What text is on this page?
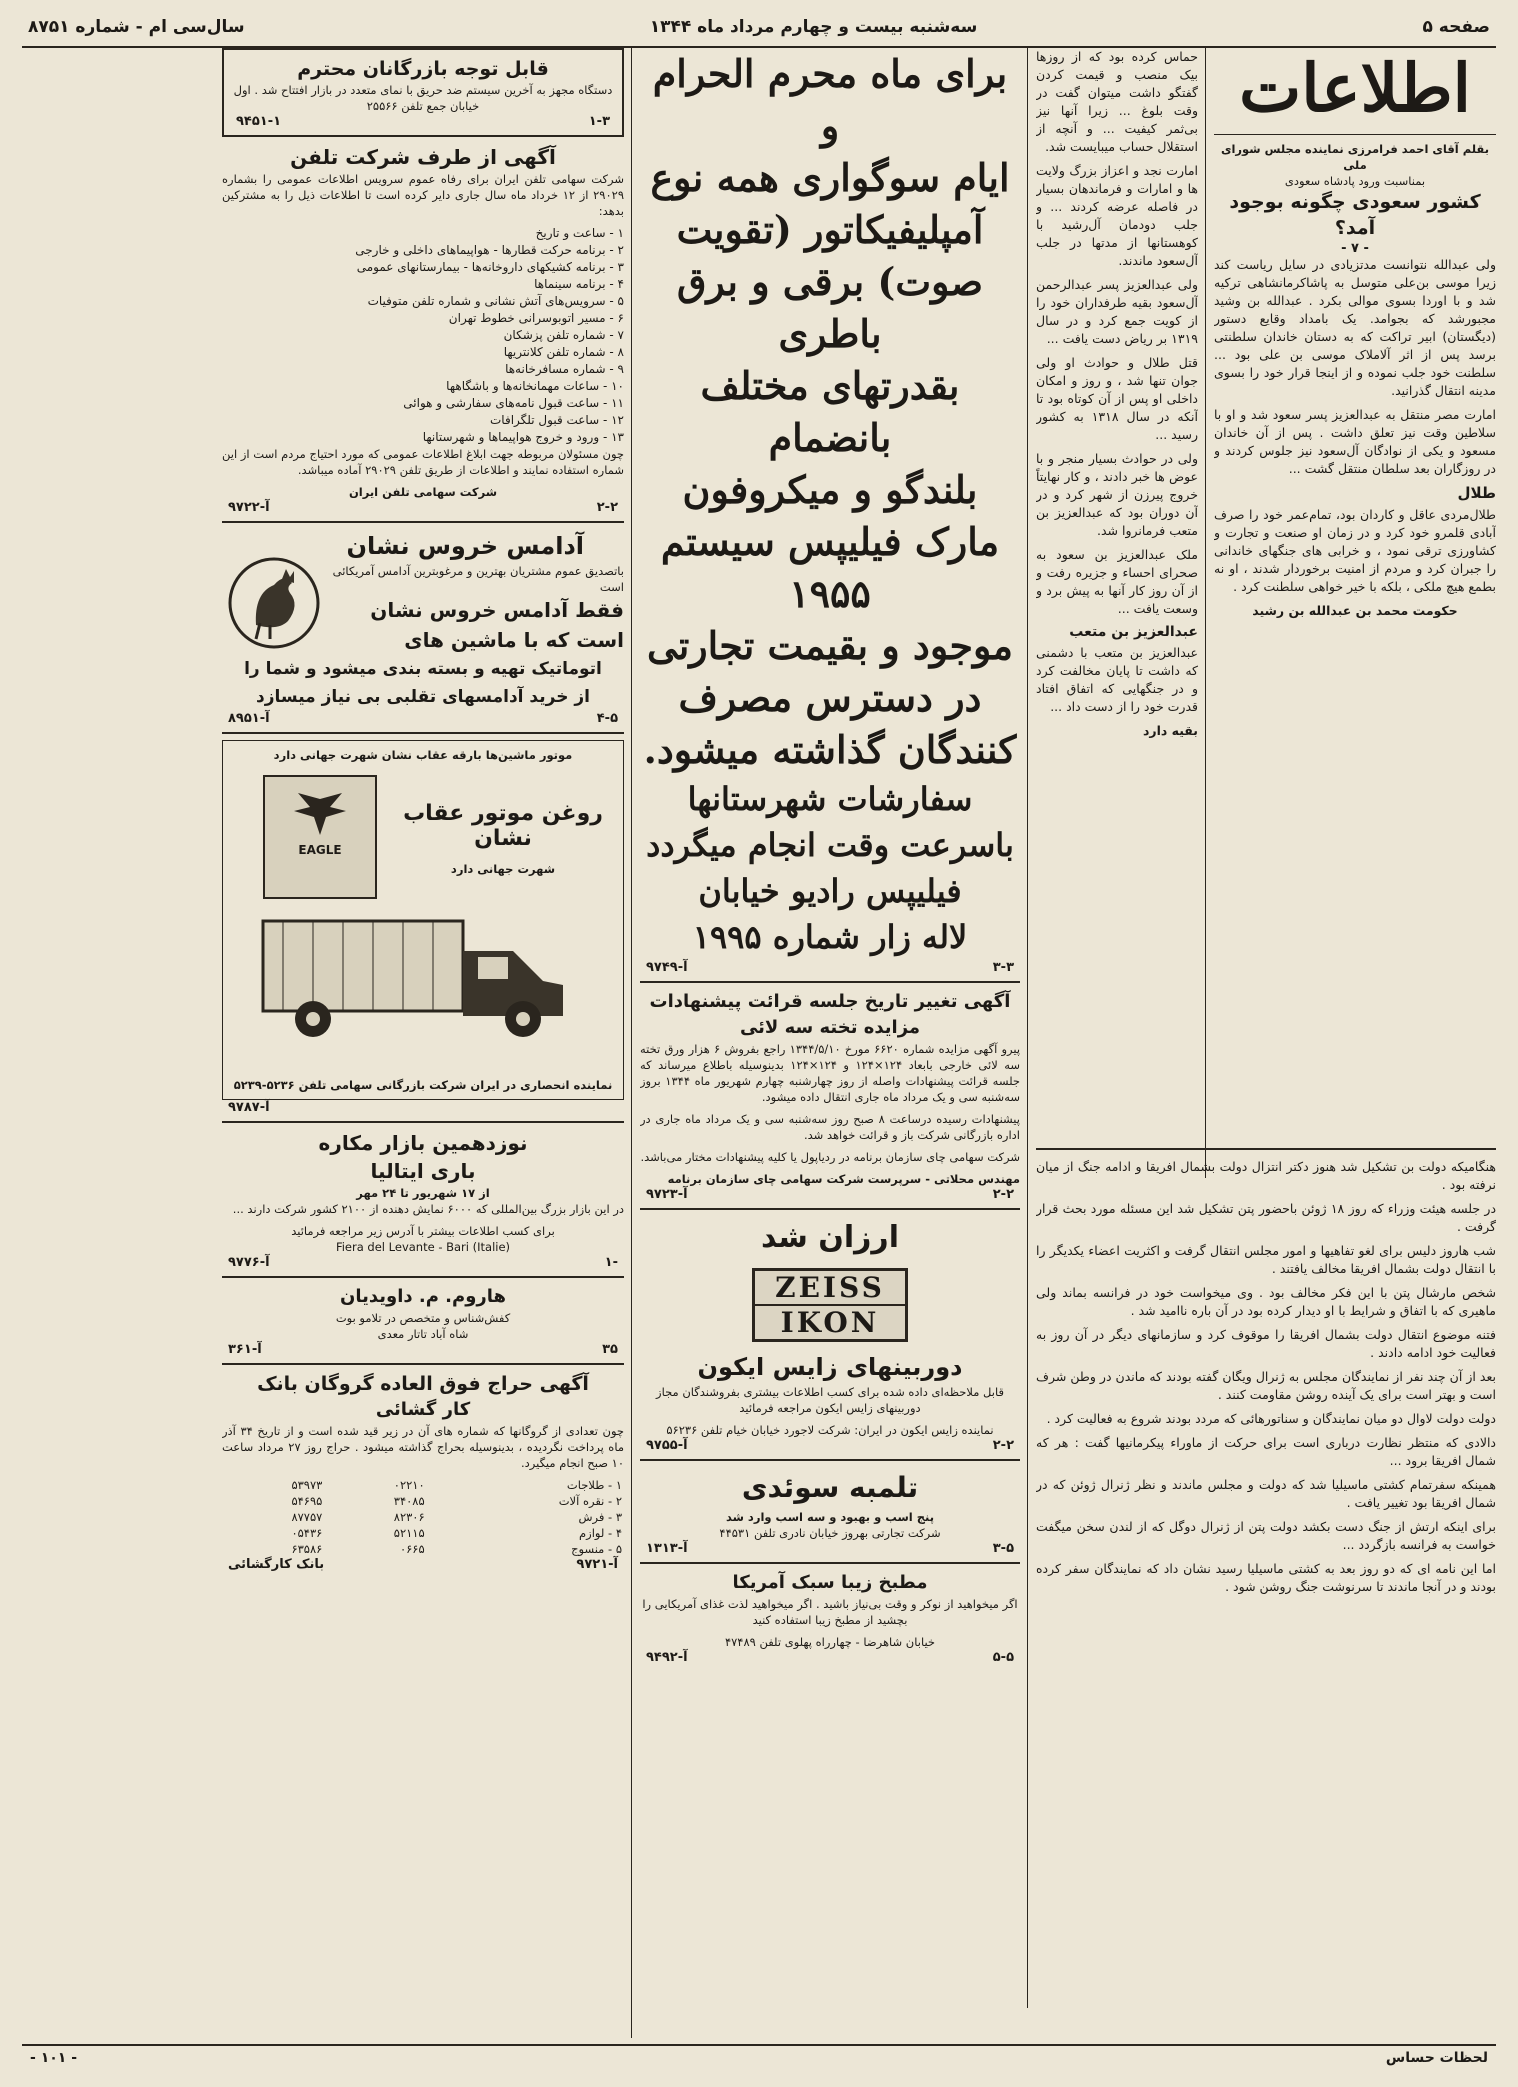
سال‌سی ام - شماره ۸۷۵۱	سه‌شنبه بیست و چهارم مرداد ماه ۱۳۴۴	صفحه ۵
اطلاعات
بقلم آقای احمد فرامرزی نماینده مجلس شورای ملی
بمناسبت ورود پادشاه سعودی
کشور سعودی چگونه بوجود آمد؟
- ۷ -

ولی عبدالله نتوانست مدتزیادی در سایل ریاست کند زیرا موسی بن‌علی متوسل به پاشاکرمانشاهی ترکیه شد و با اوردا بسوی موالی بکرد . عبدالله بن وشید مجبورشد که بجوامد. یک بامداد وقایع دستور (دیگستان) ابیر تراکت که به دستان خاندان سلطنتی برسد پس از اثر آلاملاک موسی بن علی بود ... سلطنت خود جلب نموده و از اینجا قرار خود را بسوی مدینه انتقال گذرانید.

امارت مصر منتقل به عبدالعزیز پسر سعود شد و او با سلاطین وقت نیز تعلق داشت . پس از آن خاندان مسعود و یکی از نوادگان آل‌سعود نیز جلوس کردند و در روزگاران بعد سلطان منتقل گشت ...

طلال

طلال‌مردی عاقل و کاردان بود، تمام‌عمر خود را صرف آبادی قلمرو خود کرد و در زمان او صنعت و تجارت و کشاورزی ترقی نمود ، و خرابی های جنگهای خاندانی را جبران کرد و مردم از امنیت برخوردار شدند ، او نه بطمع هیچ ملکی ، بلکه با خیر خواهی سلطنت کرد .

حکومت محمد بن عبدالله بن رشید

حماس کرده بود که از روزها بیک منصب و قیمت کردن گفتگو داشت میتوان گفت در وقت بلوغ ... زیرا آنها نیز بی‌ثمر کیفیت ... و آنچه از استقلال حساب میبایست شد.

امارت نجد و اعزاز بزرگ ولایت ها و امارات و فرماندهان بسیار در فاصله عرضه کردند ... و جلب دودمان آل‌رشید با کوهستانها از مدتها در جلب آل‌سعود ماندند.

ولی عبدالعزیز پسر عبدالرحمن آل‌سعود بقیه طرفداران خود را از کویت جمع کرد و در سال ۱۳۱۹ بر ریاض دست یافت ...

قتل طلال و حوادث او ولی جوان تنها شد ، و روز و امکان داخلی او پس از آن کوتاه بود تا آنکه در سال ۱۳۱۸ به کشور رسید ...

ولی در حوادث بسیار منجر و با عوض ها خبر دادند ، و کار نهایتاً خروج پیرزن از شهر کرد و در آن دوران بود که عبدالعزیز بن متعب فرمانروا شد.

ملک عبدالعزیز بن سعود به صحرای احساء و جزیره رفت و از آن روز کار آنها به پیش برد و وسعت یافت ...

عبدالعزیز بن متعب

عبدالعزیز بن متعب با دشمنی که داشت تا پایان مخالفت کرد و در جنگهایی که اتفاق افتاد قدرت خود را از دست داد ...

بقیه دارد

برای ماه محرم الحرام و
ایام سوگواری همه نوع
آمپلیفیکاتور (تقویت
صوت) برقی و برق باطری
بقدرتهای مختلف بانضمام
بلندگو و میکروفون
مارک فیلیپس سیستم ۱۹۵۵
موجود و بقیمت تجارتی
در دسترس مصرف
کنندگان گذاشته میشود.
سفارشات شهرستانها
باسرعت وقت انجام میگردد
فیلیپس رادیو خیابان
لاله زار شماره ۱۹۹۵
آ-۹۷۴۹	۳-۳
آگهی تغییر تاریخ جلسه قرائت پیشنهادات
مزایده تخته سه لائی

پیرو آگهی مزایده شماره ۶۶۲۰ مورخ ۱۳۴۴/۵/۱۰ راجع بفروش ۶ هزار ورق تخته سه لائی خارجی بابعاد ۱۲۴×۱۲۴ و ۱۲۴×۱۲۴ بدینوسیله باطلاع میرساند که جلسه قرائت پیشنهادات واصله از روز چهارشنبه چهارم شهریور ماه ۱۳۴۴ بروز سه‌شنبه سی و یک مرداد ماه جاری انتقال داده میشود.

پیشنهادات رسیده درساعت ۸ صبح روز سه‌شنبه سی و یک مرداد ماه جاری در اداره بازرگانی شرکت باز و قرائت خواهد شد.

شرکت سهامی چای سازمان برنامه در ردیاپول یا کلیه پیشنهادات مختار می‌باشد.

مهندس محلاتی - سرپرست شرکت سهامی چای سازمان برنامه
آ-۹۷۲۳	۲-۲
ارزان شد
ZEISS
IKON
دوربینهای زایس ایکون

قابل ملاحظه‌ای داده شده برای کسب اطلاعات بیشتری بفروشندگان مجاز دوربینهای زایس ایکون مراجعه فرمائید

نماینده زایس ایکون در ایران: شرکت لاجورد خیابان خیام تلفن ۵۶۲۳۶
آ-۹۷۵۵	۲-۲
تلمبه سوئدی
پنج اسب و بهبود و سه اسب وارد شد
شرکت تجارتی بهروز خیابان نادری تلفن ۴۴۵۳۱
آ-۱۳۱۳	۳-۵
مطبخ زیبا سبک آمریکا

اگر میخواهید از نوکر و وقت بی‌نیاز باشید . اگر میخواهید لذت غذای آمریکایی را بچشید از مطبخ زیبا استفاده کنید

خیابان شاهرضا - چهارراه پهلوی تلفن ۴۷۴۸۹
آ-۹۴۹۲	۵-۵
قابل توجه بازرگانان محترم

دستگاه مجهز به آخرین سیستم ضد حریق با نمای متعدد در بازار افتتاح شد . اول خیابان جمع تلفن ۲۵۵۶۶

۹۴۵۱-۱	۱-۳
آگهی از طرف شرکت تلفن

شرکت سهامی تلفن ایران برای رفاه عموم سرویس اطلاعات عمومی را بشماره ۲۹۰۲۹ از ۱۲ خرداد ماه سال جاری دایر کرده است تا اطلاعات ذیل را به مشترکین بدهد:

۱ - ساعت و تاریخ
۲ - برنامه حرکت قطارها - هواپیماهای داخلی و خارجی
۳ - برنامه کشیکهای داروخانه‌ها - بیمارستانهای عمومی
۴ - برنامه سینماها
۵ - سرویس‌های آتش نشانی و شماره تلفن متوفیات
۶ - مسیر اتوبوسرانی خطوط تهران
۷ - شماره تلفن پزشکان
۸ - شماره تلفن کلانتریها
۹ - شماره مسافرخانه‌ها
۱۰ - ساعات مهمانخانه‌ها و باشگاهها
۱۱ - ساعت قبول نامه‌های سفارشی و هوائی
۱۲ - ساعت قبول تلگرافات
۱۳ - ورود و خروج هواپیماها و شهرستانها

چون مسئولان مربوطه جهت ابلاغ اطلاعات عمومی که مورد احتیاج مردم است از این شماره استفاده نمایند و اطلاعات از طریق تلفن ۲۹۰۲۹ آماده میباشد.

شرکت سهامی تلفن ایران
آ-۹۷۲۲	۲-۲
آدامس خروس نشان
باتصدیق عموم مشتریان بهترین و مرغوبترین آدامس آمریکائی است
فقط آدامس خروس نشان
است که با ماشین های
اتوماتیک تهیه و بسته بندی میشود و شما را
از خرید آدامسهای تقلبی بی نیاز میسازد
آ-۸۹۵۱	۴-۵
موتور ماشین‌ها بارقه عقاب نشان شهرت جهانی دارد
روغن موتور عقاب نشان
شهرت جهانی دارد
EAGLE
نماینده انحصاری در ایران شرکت بازرگانی سهامی تلفن ۵۲۳۶-۵۲۳۹
آ-۹۷۸۷
نوزدهمین بازار مکاره
باری ایتالیا
از ۱۷ شهریور تا ۲۴ مهر

در این بازار بزرگ بین‌المللی که ۶۰۰۰ نمایش دهنده از ۲۱۰۰ کشور شرکت دارند ...

برای کسب اطلاعات بیشتر با آدرس زیر مراجعه فرمائید
Fiera del Levante - Bari (Italie)
آ-۹۷۷۶	۱-
هاروم. م. داویدیان
کفش‌شناس و متخصص در تلامو بوت
شاه آباد تاتار معدی
آ-۳۶۱	۳۵
آگهی حراج فوق العاده گروگان بانک
کار گشائی

چون تعدادی از گروگانها که شماره های آن در زیر قید شده است و از تاریخ ۳۴ آذر ماه پرداخت نگردیده ، بدینوسیله بحراج گذاشته میشود . حراج روز ۲۷ مرداد ساعت ۱۰ صبح انجام میگیرد.

۱ - طلاجات	۰۲۲۱۰	۵۳۹۷۳
۲ - نقره آلات	۳۴۰۸۵	۵۴۶۹۵
۳ - فرش	۸۲۳۰۶	۸۷۷۵۷
۴ - لوازم	۵۲۱۱۵	۰۵۴۳۶
۵ - منسوج	۰۶۶۵	۶۳۵۸۶
بانک کارگشائی	آ-۹۷۲۱

هنگامیکه دولت بن تشکیل شد هنوز دکتر انتزال دولت بشمال افریقا و ادامه جنگ از میان نرفته بود .

در جلسه هیئت وزراء که روز ۱۸ ژوئن باحضور پتن تشکیل شد این مسئله مورد بحث قرار گرفت .

شب هاروز دلیس برای لغو تفاهیها و امور مجلس انتقال گرفت و اکثریت اعضاء یکدیگر را با انتقال دولت بشمال افریقا مخالف یافتند .

شخص مارشال پتن با این فکر مخالف بود . وی میخواست خود در فرانسه بماند ولی ماهیری که با اتفاق و شرایط با او دیدار کرده بود در آن باره ناامید شد .

فتنه موضوع انتقال دولت بشمال افریقا را موقوف کرد و سازمانهای دیگر در آن روز به فعالیت خود ادامه دادند .

بعد از آن چند نفر از نمایندگان مجلس به ژنرال ویگان گفته بودند که ماندن در وطن شرف است و بهتر است برای یک آینده روشن مقاومت کنند .

دولت دولت لاوال دو میان نمایندگان و سناتورهائی که مردد بودند شروع به فعالیت کرد .

دالادی که منتظر نظارت درباری است برای حرکت از ماوراء پیکرمانیها گفت : هر که شمال افریقا برود ...

همینکه سفرتمام کشتی ماسیلیا شد که دولت و مجلس ماندند و نظر ژنرال ژوئن که در شمال افریقا بود تغییر یافت .

برای اینکه ارتش از جنگ دست بکشد دولت پتن از ژنرال دوگل که از لندن سخن میگفت خواست به فرانسه بازگردد ...

اما این نامه ای که دو روز بعد به کشتی ماسیلیا رسید نشان داد که نمایندگان سفر کرده بودند و در آنجا ماندند تا سرنوشت جنگ روشن شود .

لحظات حساس
- ۱۰۱ -
